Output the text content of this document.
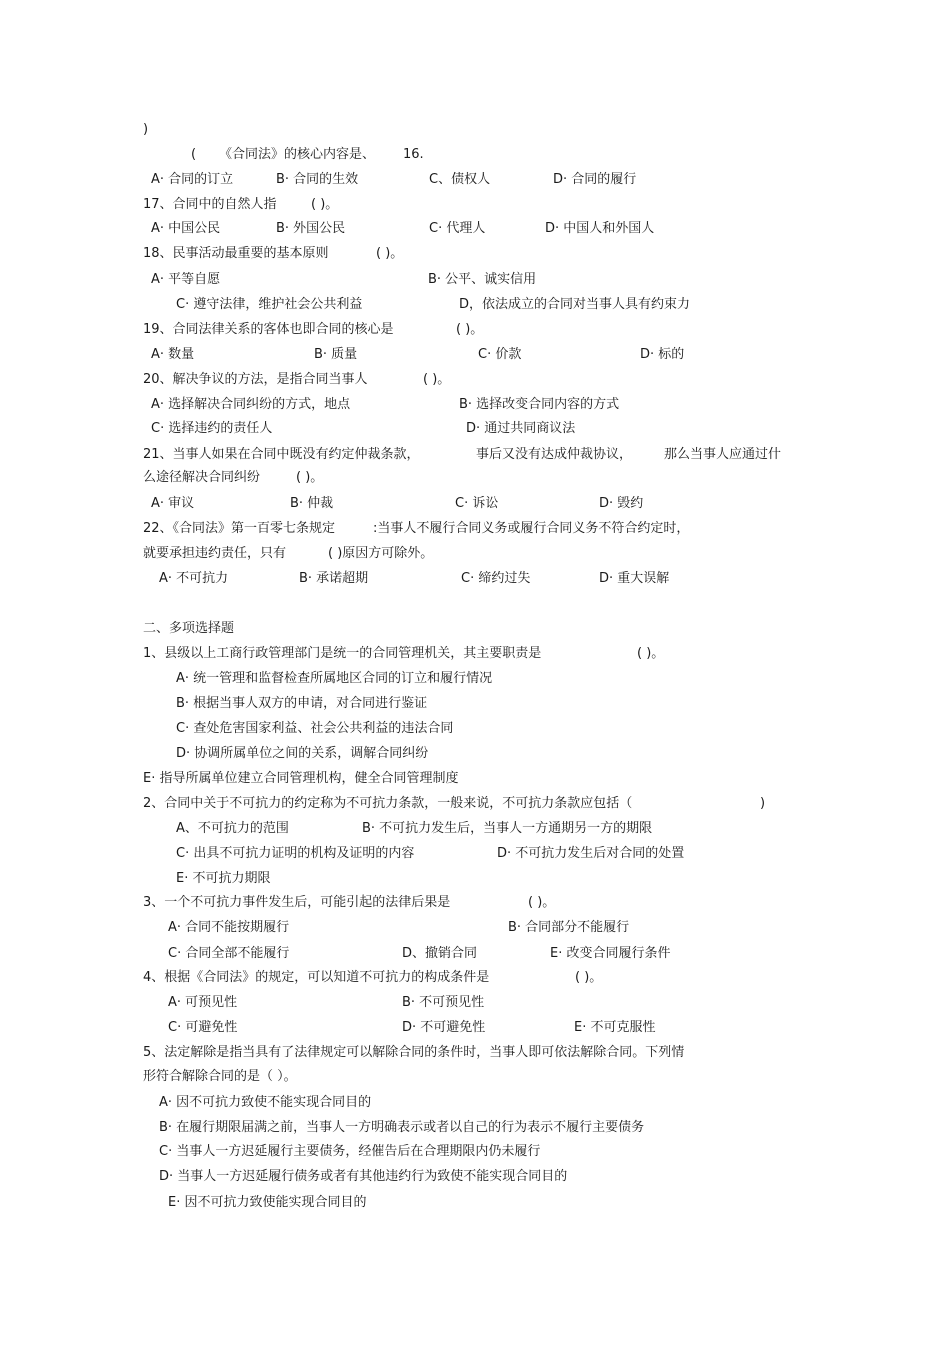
)
( 《合同法》的核心内容是、 16.
A· 合同的订立	B· 合同的生效	C、债权人	D· 合同的履行
17、合同中的自然人指	( )。
A· 中国公民	B· 外国公民	C· 代理人	D· 中国人和外国人
18、民事活动最重要的基本原则	( )。
A· 平等自愿	B· 公平、诚实信用
C· 遵守法律，维护社会公共利益	D，依法成立的合同对当事人具有约束力
19、合同法律关系的客体也即合同的核心是	( )。
A· 数量	B· 质量	C· 价款	D· 标的
20、解决争议的方法，是指合同当事人	( )。
A· 选择解决合同纠纷的方式，地点	B· 选择改变合同内容的方式
C· 选择违约的责任人	D· 通过共同商议法
21、当事人如果在合同中既没有约定仲裁条款，	事后又没有达成仲裁协议， 那么当事人应通过什
么途径解决合同纠纷	( )。
A· 审议	B· 仲裁	C· 诉讼	D· 毁约
22、《合同法》第一百零七条规定	:当事人不履行合同义务或履行合同义务不符合约定时，
就要承担违约责任，只有	( )原因方可除外。
A· 不可抗力	B· 承诺超期	C· 缔约过失	D· 重大误解
二、多项选择题
1、县级以上工商行政管理部门是统一的合同管理机关，其主要职责是	( )。
A· 统一管理和监督检查所属地区合同的订立和履行情况
B· 根据当事人双方的申请，对合同进行鉴证
C· 查处危害国家利益、社会公共利益的违法合同
D· 协调所属单位之间的关系，调解合同纠纷
E· 指导所属单位建立合同管理机构，健全合同管理制度
2、合同中关于不可抗力的约定称为不可抗力条款，一般来说，不可抗力条款应包括（	)
A、不可抗力的范围	B· 不可抗力发生后，当事人一方通期另一方的期限
C· 出具不可抗力证明的机构及证明的内容	D· 不可抗力发生后对合同的处置
E· 不可抗力期限
3、一个不可抗力事件发生后，可能引起的法律后果是	( )。
A· 合同不能按期履行	B· 合同部分不能履行
C· 合同全部不能履行	D、撤销合同	E· 改变合同履行条件
4、根据《合同法》的规定，可以知道不可抗力的构成条件是	( )。
A· 可预见性	B· 不可预见性
C· 可避免性	D· 不可避免性	E· 不可克服性
5、法定解除是指当具有了法律规定可以解除合同的条件时，当事人即可依法解除合同。下列情
形符合解除合同的是（ ）。
A· 因不可抗力致使不能实现合同目的
B· 在履行期限届满之前，当事人一方明确表示或者以自己的行为表示不履行主要债务
C· 当事人一方迟延履行主要债务，经催告后在合理期限内仍未履行
D· 当事人一方迟延履行债务或者有其他违约行为致使不能实现合同目的
E· 因不可抗力致使能实现合同目的
